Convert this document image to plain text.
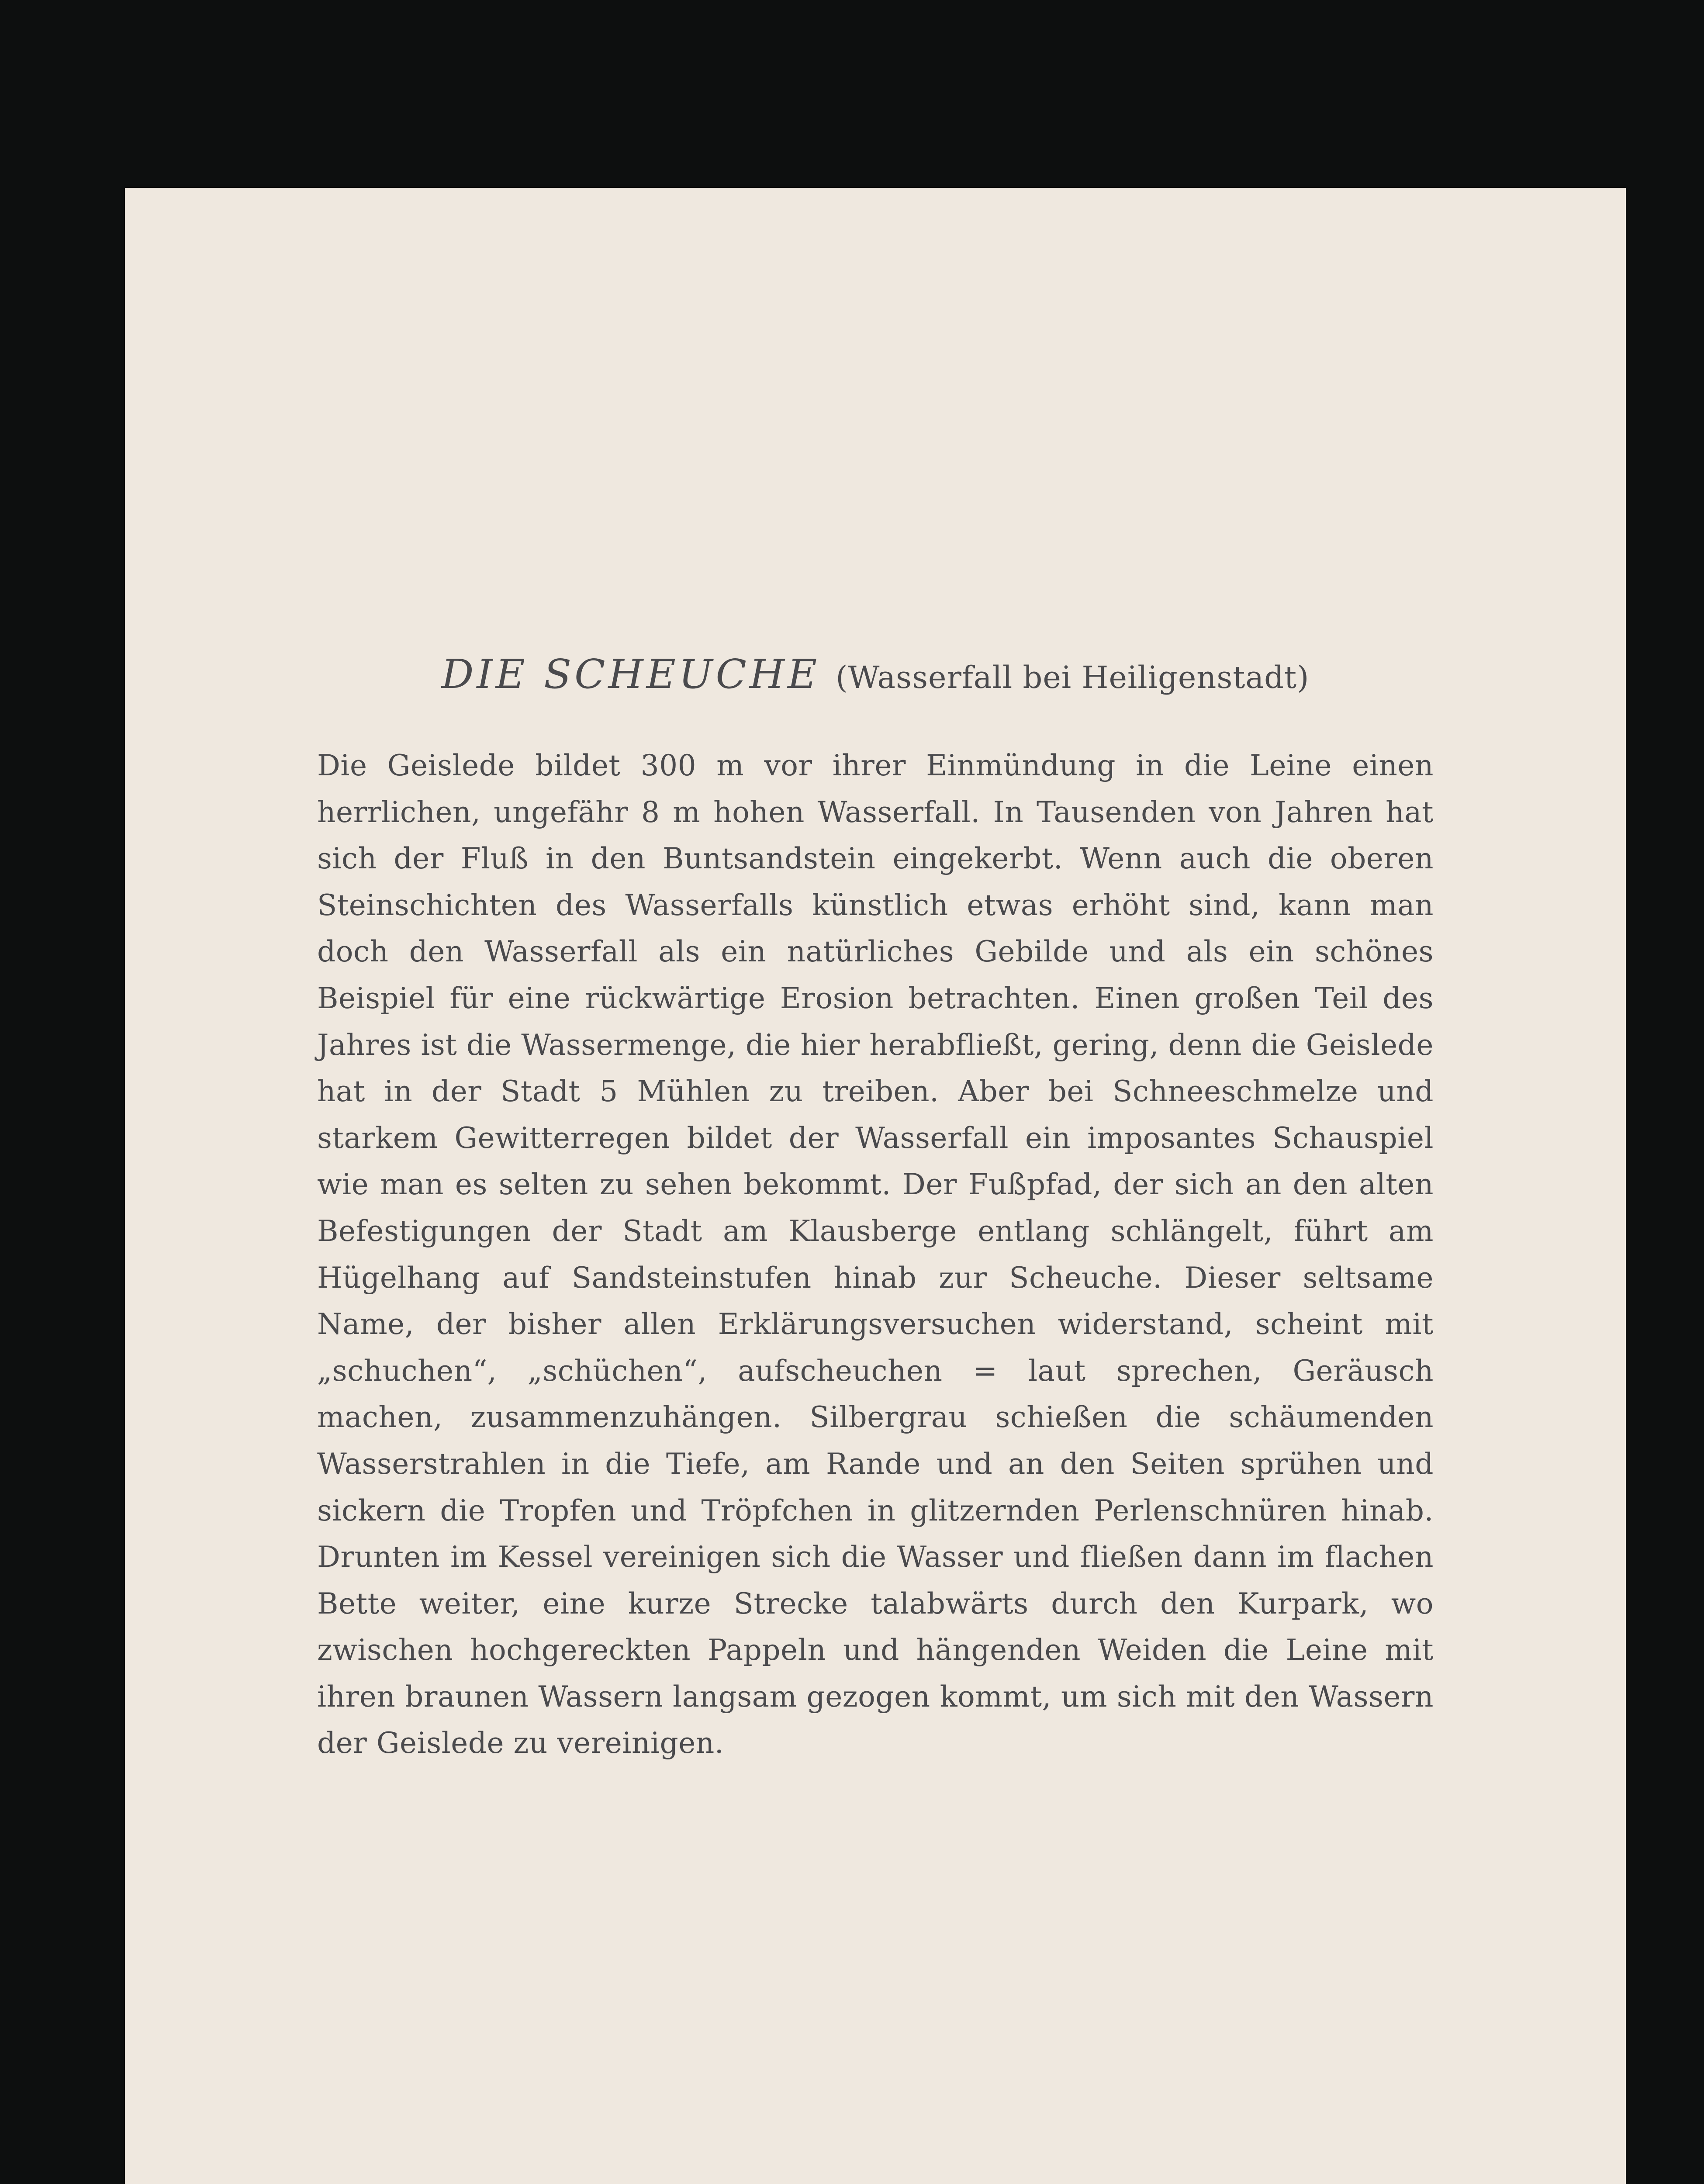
DIE SCHEUCHE (Wasserfall bei Heiligenstadt)

Die Geislede bildet 300 m vor ihrer Einmündung in die Leine einen herrlichen, ungefähr 8 m hohen Wasserfall. In Tausenden von Jahren hat sich der Fluß in den Buntsandstein eingekerbt. Wenn auch die oberen Steinschichten des Wasserfalls künstlich etwas erhöht sind, kann man doch den Wasserfall als ein natürliches Gebilde und als ein schönes Beispiel für eine rückwärtige Erosion betrachten. Einen großen Teil des Jahres ist die Wassermenge, die hier herabfließt, gering, denn die Geislede hat in der Stadt 5 Mühlen zu treiben. Aber bei Schneeschmelze und starkem Gewitterregen bildet der Wasserfall ein imposantes Schauspiel wie man es selten zu sehen bekommt. Der Fußpfad, der sich an den alten Befestigungen der Stadt am Klausberge entlang schlängelt, führt am Hügelhang auf Sandsteinstufen hinab zur Scheuche. Dieser seltsame Name, der bisher allen Erklärungsversuchen widerstand, scheint mit „schuchen“, „schüchen“, aufscheuchen = laut sprechen, Geräusch machen, zusammenzuhängen. Silbergrau schießen die schäumenden Wasserstrahlen in die Tiefe, am Rande und an den Seiten sprühen und sickern die Tropfen und Tröpfchen in glitzernden Perlenschnüren hinab. Drunten im Kessel vereinigen sich die Wasser und fließen dann im flachen Bette weiter, eine kurze Strecke talabwärts durch den Kurpark, wo zwischen hochgereckten Pappeln und hängenden Weiden die Leine mit ihren braunen Wassern langsam gezogen kommt, um sich mit den Wassern der Geislede zu vereinigen.
